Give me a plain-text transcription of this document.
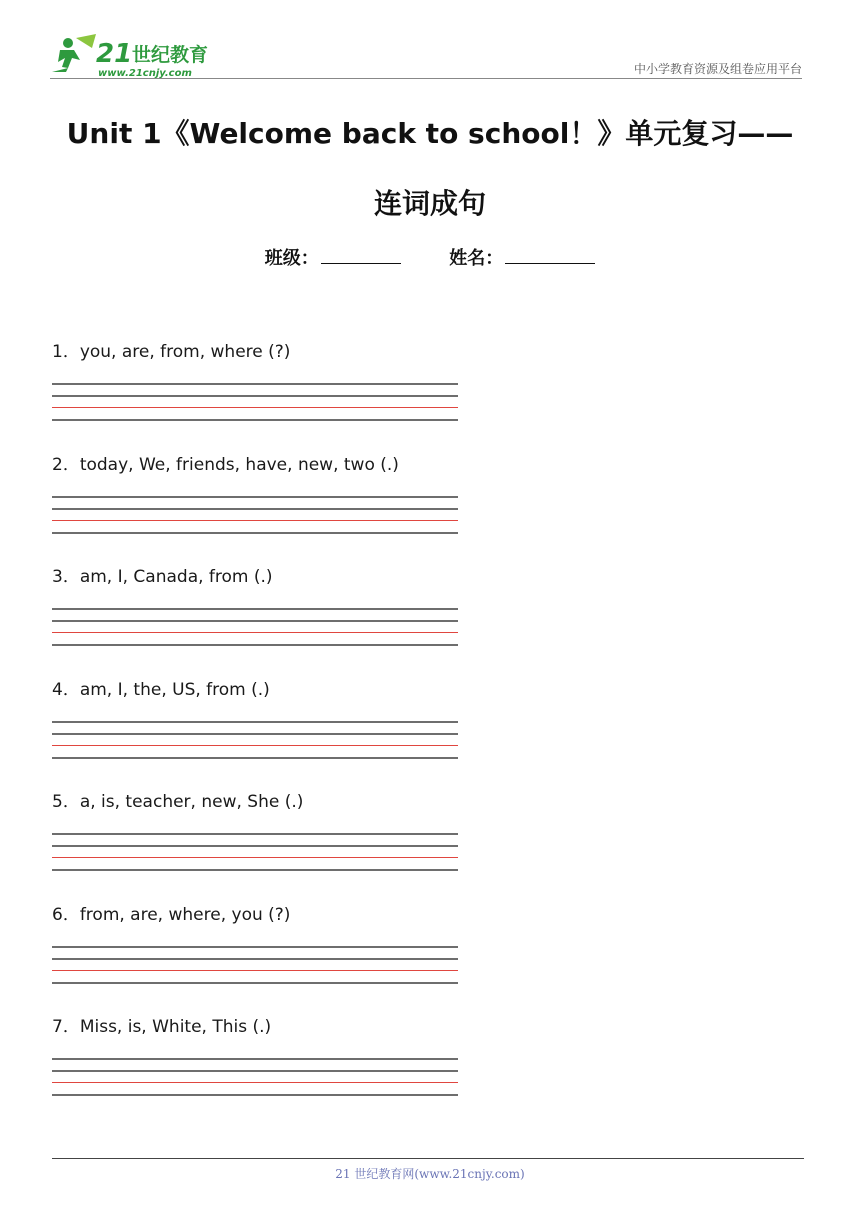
21 世纪教育
www.21cnjy.com	中小学教育资源及组卷应用平台
Unit 1《Welcome back to school！》单元复习——
连词成句
班级：	姓名：
1．you, are, from, where (?)
2．today, We, friends, have, new, two (.)
3．am, I, Canada, from (.)
4．am, I, the, US, from (.)
5．a, is, teacher, new, She (.)
6．from, are, where, you (?)
7．Miss, is, White, This (.)
21 世纪教育网(www.21cnjy.com)
